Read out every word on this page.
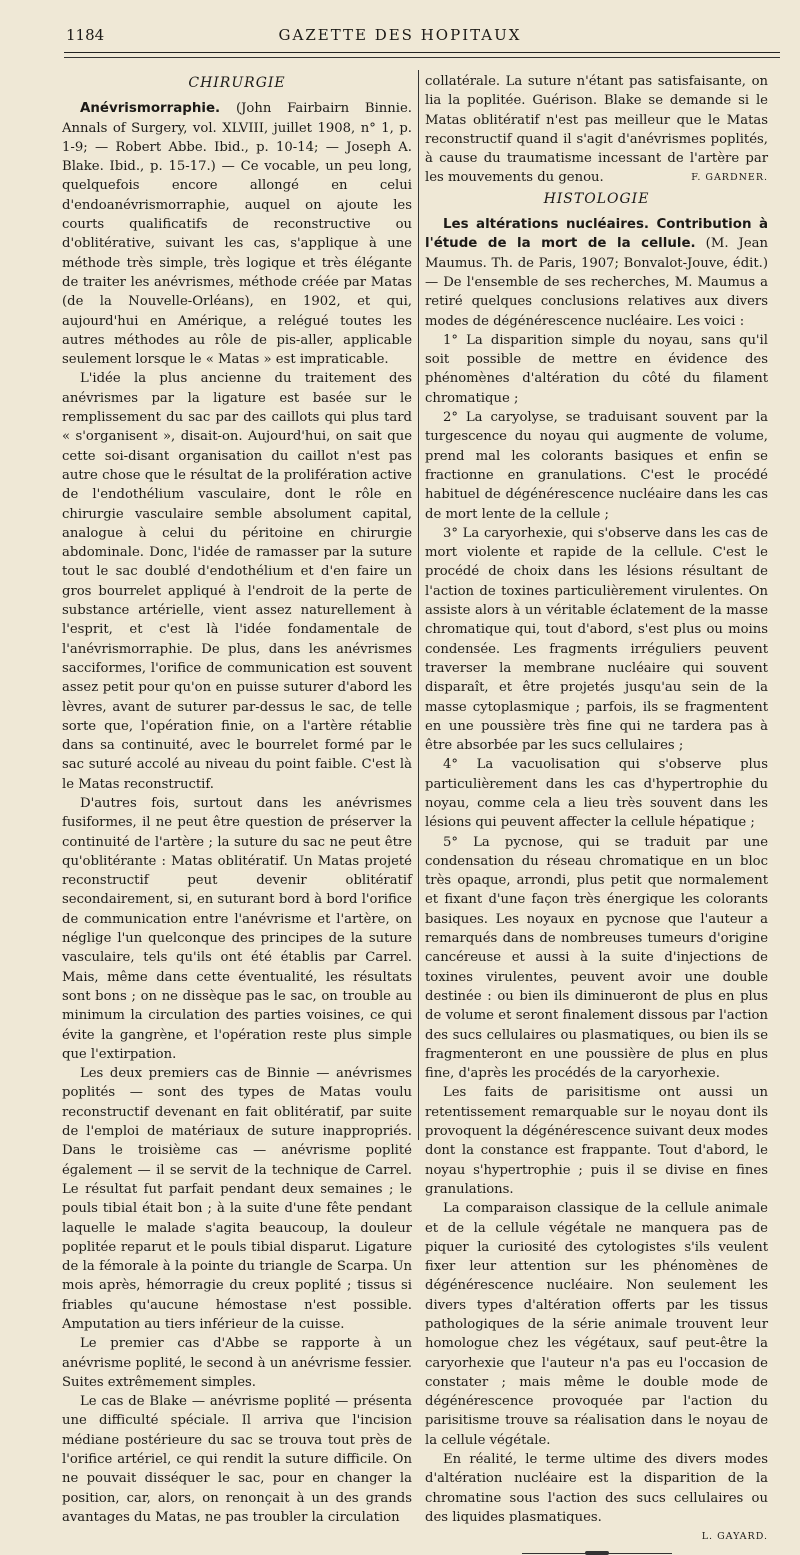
1184	GAZETTE DES HOPITAUX
CHIRURGIE

Anévrismorraphie. (John Fairbairn Binnie. Annals of Surgery, vol. XLVIII, juillet 1908, n° 1, p. 1-9; — Robert Abbe. Ibid., p. 10-14; — Joseph A. Blake. Ibid., p. 15-17.) — Ce vocable, un peu long, quelquefois encore allongé en celui d'endoanévrismorraphie, auquel on ajoute les courts qualificatifs de reconstructive ou d'oblitérative, suivant les cas, s'applique à une méthode très simple, très logique et très élégante de traiter les anévrismes, méthode créée par Matas (de la Nouvelle-Orléans), en 1902, et qui, aujourd'hui en Amérique, a relégué toutes les autres méthodes au rôle de pis-aller, applicable seulement lorsque le « Matas » est impraticable.

L'idée la plus ancienne du traitement des anévrismes par la ligature est basée sur le remplissement du sac par des caillots qui plus tard « s'organisent », disait-on. Aujourd'hui, on sait que cette soi-disant organisation du caillot n'est pas autre chose que le résultat de la prolifération active de l'endothélium vasculaire, dont le rôle en chirurgie vasculaire semble absolument capital, analogue à celui du péritoine en chirurgie abdominale. Donc, l'idée de ramasser par la suture tout le sac doublé d'endothélium et d'en faire un gros bourrelet appliqué à l'endroit de la perte de substance artérielle, vient assez naturellement à l'esprit, et c'est là l'idée fondamentale de l'anévrismorraphie. De plus, dans les anévrismes sacciformes, l'orifice de communication est souvent assez petit pour qu'on en puisse suturer d'abord les lèvres, avant de suturer par-dessus le sac, de telle sorte que, l'opération finie, on a l'artère rétablie dans sa continuité, avec le bourrelet formé par le sac suturé accolé au niveau du point faible. C'est là le Matas reconstructif.

D'autres fois, surtout dans les anévrismes fusiformes, il ne peut être question de préserver la continuité de l'artère ; la suture du sac ne peut être qu'oblitérante : Matas oblitératif. Un Matas projeté reconstructif peut devenir oblitératif secondairement, si, en suturant bord à bord l'orifice de communication entre l'anévrisme et l'artère, on néglige l'un quelconque des principes de la suture vasculaire, tels qu'ils ont été établis par Carrel. Mais, même dans cette éventualité, les résultats sont bons ; on ne dissèque pas le sac, on trouble au minimum la circulation des parties voisines, ce qui évite la gangrène, et l'opération reste plus simple que l'extirpation.

Les deux premiers cas de Binnie — anévrismes poplités — sont des types de Matas voulu reconstructif devenant en fait oblitératif, par suite de l'emploi de matériaux de suture inappropriés. Dans le troisième cas — anévrisme poplité également — il se servit de la technique de Carrel. Le résultat fut parfait pendant deux semaines ; le pouls tibial était bon ; à la suite d'une fête pendant laquelle le malade s'agita beaucoup, la douleur poplitée reparut et le pouls tibial disparut. Ligature de la fémorale à la pointe du triangle de Scarpa. Un mois après, hémorragie du creux poplité ; tissus si friables qu'aucune hémostase n'est possible. Amputation au tiers inférieur de la cuisse.

Le premier cas d'Abbe se rapporte à un anévrisme poplité, le second à un anévrisme fessier. Suites extrêmement simples.

Le cas de Blake — anévrisme poplité — présenta une difficulté spéciale. Il arriva que l'incision médiane postérieure du sac se trouva tout près de l'orifice artériel, ce qui rendit la suture difficile. On ne pouvait disséquer le sac, pour en changer la position, car, alors, on renonçait à un des grands avantages du Matas, ne pas troubler la circulation

collatérale. La suture n'étant pas satisfaisante, on lia la poplitée. Guérison. Blake se demande si le Matas oblitératif n'est pas meilleur que le Matas reconstructif quand il s'agit d'anévrismes poplités, à cause du traumatisme incessant de l'artère par les mouvements du genou.	F. GARDNER.

HISTOLOGIE

Les altérations nucléaires. Contribution à l'étude de la mort de la cellule. (M. Jean Maumus. Th. de Paris, 1907; Bonvalot-Jouve, édit.) — De l'ensemble de ses recherches, M. Maumus a retiré quelques conclusions relatives aux divers modes de dégénérescence nucléaire. Les voici :

1° La disparition simple du noyau, sans qu'il soit possible de mettre en évidence des phénomènes d'altération du côté du filament chromatique ;

2° La caryolyse, se traduisant souvent par la turgescence du noyau qui augmente de volume, prend mal les colorants basiques et enfin se fractionne en granulations. C'est le procédé habituel de dégénérescence nucléaire dans les cas de mort lente de la cellule ;

3° La caryorhexie, qui s'observe dans les cas de mort violente et rapide de la cellule. C'est le procédé de choix dans les lésions résultant de l'action de toxines particulièrement virulentes. On assiste alors à un véritable éclatement de la masse chromatique qui, tout d'abord, s'est plus ou moins condensée. Les fragments irréguliers peuvent traverser la membrane nucléaire qui souvent disparaît, et être projetés jusqu'au sein de la masse cytoplasmique ; parfois, ils se fragmentent en une poussière très fine qui ne tardera pas à être absorbée par les sucs cellulaires ;

4° La vacuolisation qui s'observe plus particulièrement dans les cas d'hypertrophie du noyau, comme cela a lieu très souvent dans les lésions qui peuvent affecter la cellule hépatique ;

5° La pycnose, qui se traduit par une condensation du réseau chromatique en un bloc très opaque, arrondi, plus petit que normalement et fixant d'une façon très énergique les colorants basiques. Les noyaux en pycnose que l'auteur a remarqués dans de nombreuses tumeurs d'origine cancéreuse et aussi à la suite d'injections de toxines virulentes, peuvent avoir une double destinée : ou bien ils diminueront de plus en plus de volume et seront finalement dissous par l'action des sucs cellulaires ou plasmatiques, ou bien ils se fragmenteront en une poussière de plus en plus fine, d'après les procédés de la caryorhexie.

Les faits de parisitisme ont aussi un retentissement remarquable sur le noyau dont ils provoquent la dégénérescence suivant deux modes dont la constance est frappante. Tout d'abord, le noyau s'hypertrophie ; puis il se divise en fines granulations.

La comparaison classique de la cellule animale et de la cellule végétale ne manquera pas de piquer la curiosité des cytologistes s'ils veulent fixer leur attention sur les phénomènes de dégénérescence nucléaire. Non seulement les divers types d'altération offerts par les tissus pathologiques de la série animale trouvent leur homologue chez les végétaux, sauf peut-être la caryorhexie que l'auteur n'a pas eu l'occasion de constater ; mais même le double mode de dégénérescence provoquée par l'action du parisitisme trouve sa réalisation dans le noyau de la cellule végétale.

En réalité, le terme ultime des divers modes d'altération nucléaire est la disparition de la chromatine sous l'action des sucs cellulaires ou des liquides plasmatiques.

L. GAYARD.
